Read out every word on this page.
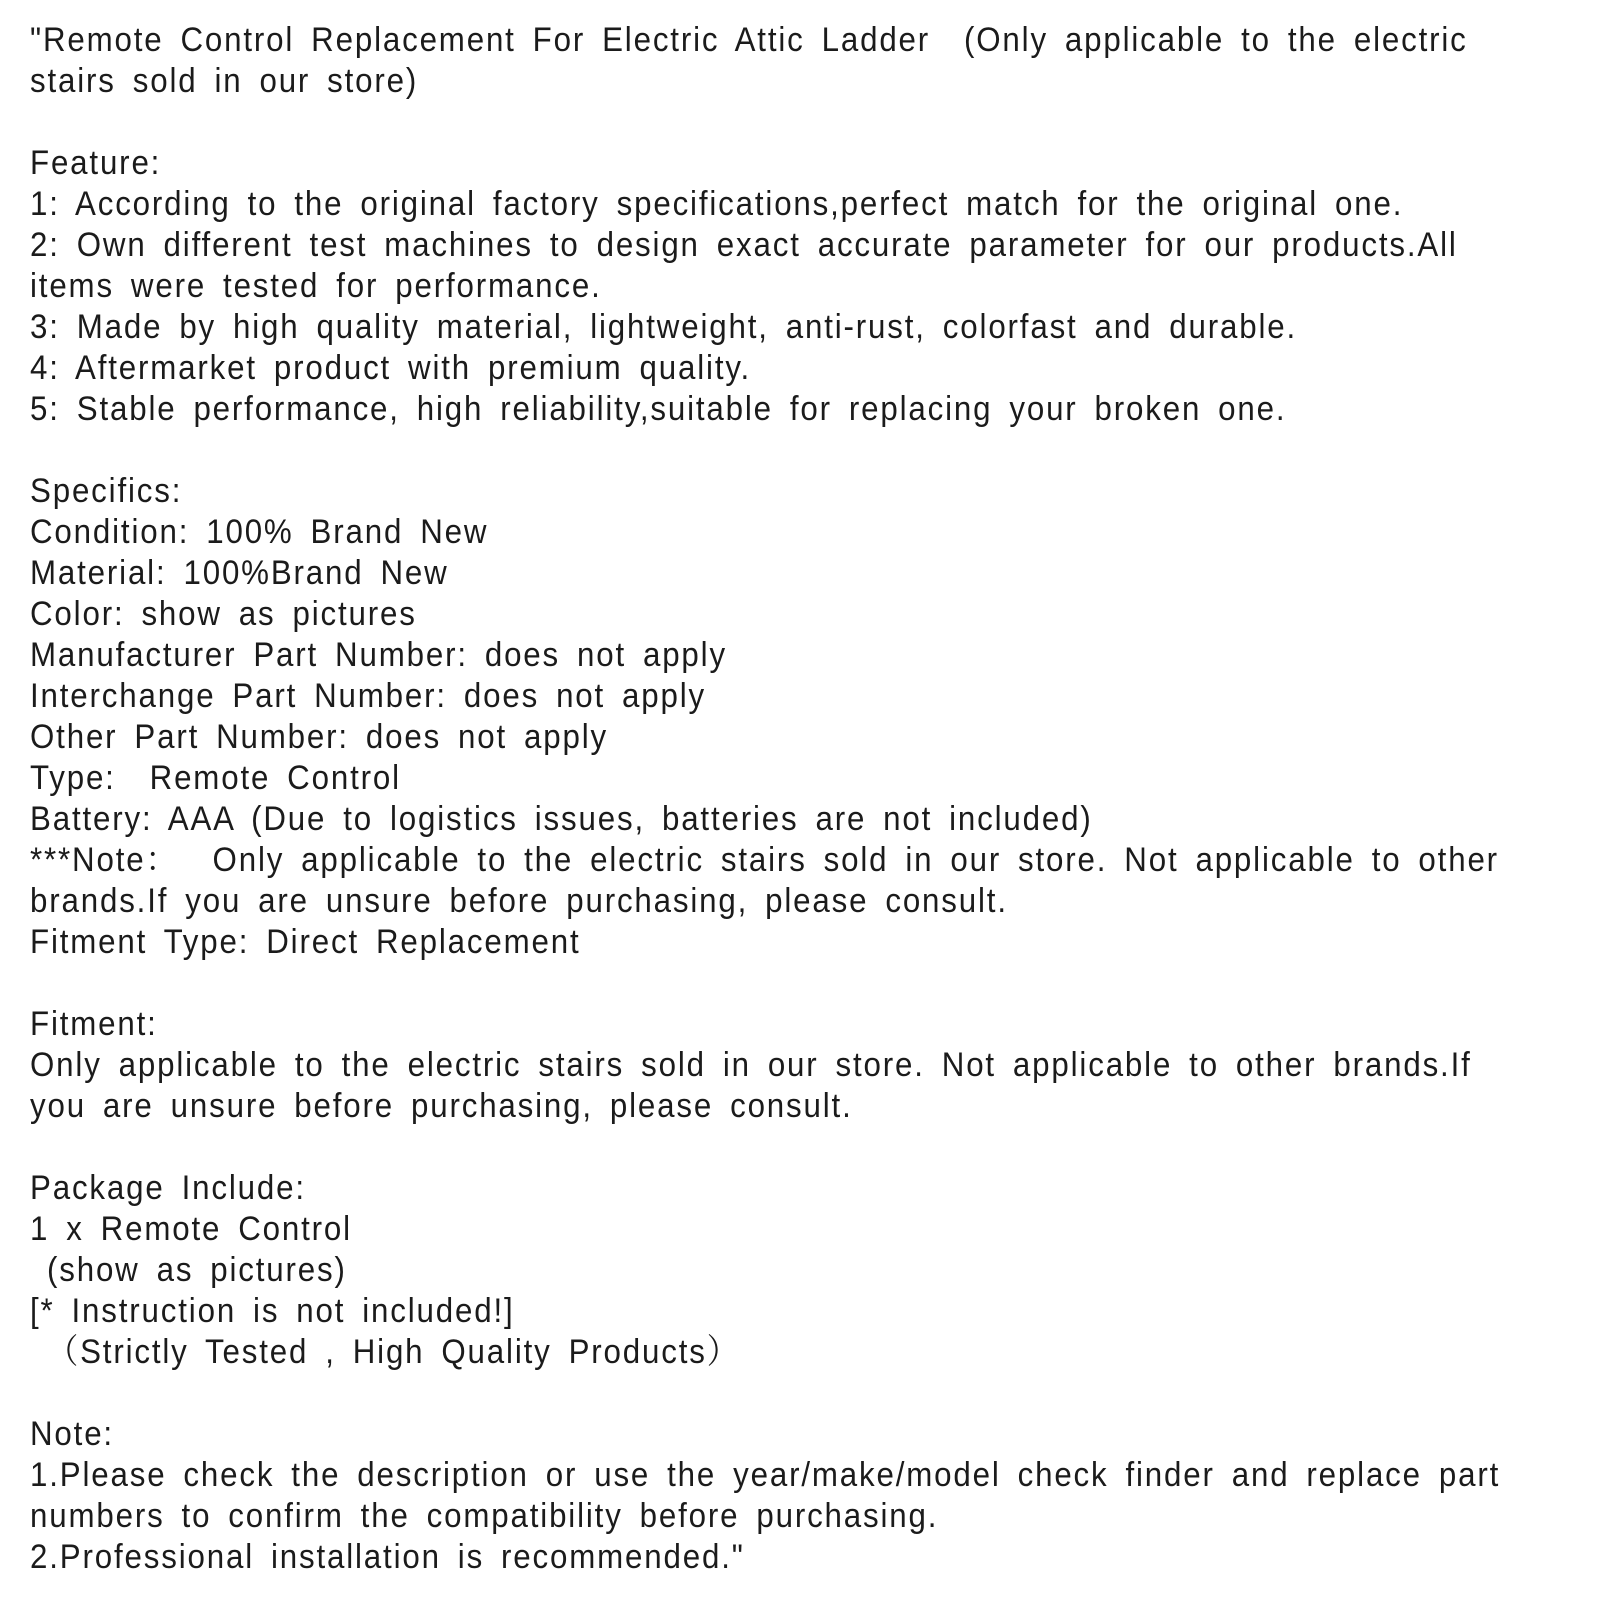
"Remote Control Replacement For Electric Attic Ladder  (Only applicable to the electric
stairs sold in our store)
Feature:
1: According to the original factory specifications,perfect match for the original one.
2: Own different test machines to design exact accurate parameter for our products.All
items were tested for performance.
3: Made by high quality material, lightweight, anti-rust, colorfast and durable.
4: Aftermarket product with premium quality.
5: Stable performance, high reliability,suitable for replacing your broken one.
Specifics:
Condition: 100% Brand New
Material: 100%Brand New
Color: show as pictures
Manufacturer Part Number: does not apply
Interchange Part Number: does not apply
Other Part Number: does not apply
Type:  Remote Control
Battery: AAA (Due to logistics issues, batteries are not included)
***Note：  Only applicable to the electric stairs sold in our store. Not applicable to other
brands.If you are unsure before purchasing, please consult.
Fitment Type: Direct Replacement
Fitment:
Only applicable to the electric stairs sold in our store. Not applicable to other brands.If
you are unsure before purchasing, please consult.
Package Include:
1 x Remote Control
(show as pictures)
[* Instruction is not included!]
（Strictly Tested , High Quality Products）
Note:
1.Please check the description or use the year/make/model check finder and replace part
numbers to confirm the compatibility before purchasing.
2.Professional installation is recommended."
